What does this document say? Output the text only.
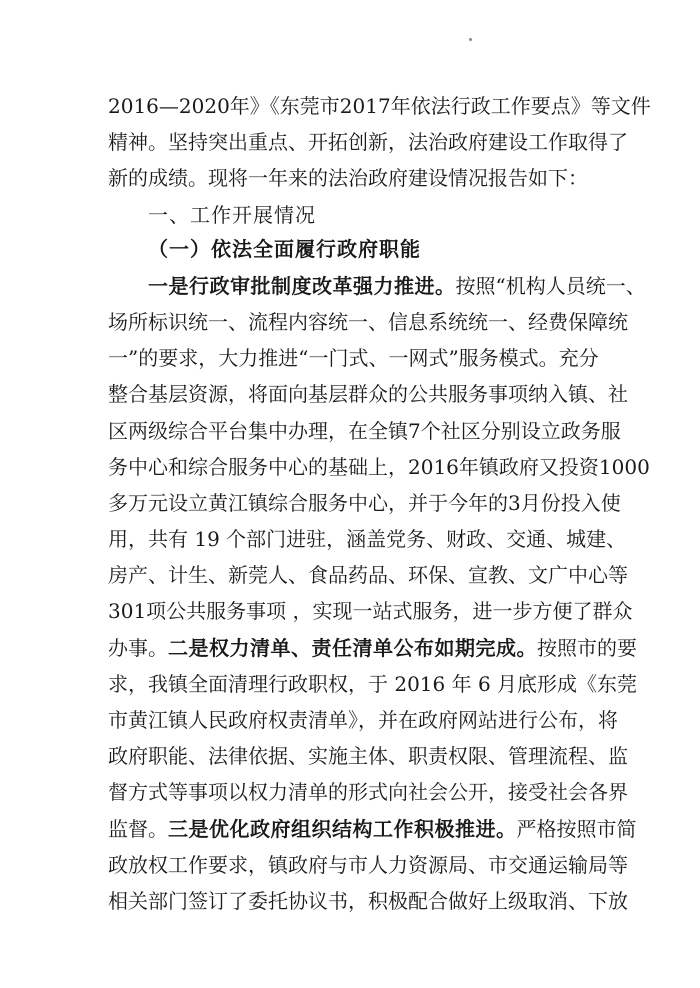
2016—2020年》《东莞市2017年依法行政工作要点》等文件
精神。坚持突出重点、开拓创新，法治政府建设工作取得了
新的成绩。现将一年来的法治政府建设情况报告如下：
一、工作开展情况
（一）依法全面履行政府职能
一是行政审批制度改革强力推进。按照“机构人员统一、
场所标识统一、流程内容统一、信息系统统一、经费保障统
一”的要求，大力推进“一门式、一网式”服务模式。充分
整合基层资源，将面向基层群众的公共服务事项纳入镇、社
区两级综合平台集中办理，在全镇7个社区分别设立政务服
务中心和综合服务中心的基础上，2016年镇政府又投资1000
多万元设立黄江镇综合服务中心，并于今年的3月份投入使
用，共有 19 个部门进驻，涵盖党务、财政、交通、城建、
房产、计生、新莞人、食品药品、环保、宣教、文广中心等
301项公共服务事项 ，实现一站式服务，进一步方便了群众
办事。二是权力清单、责任清单公布如期完成。按照市的要
求，我镇全面清理行政职权，于 2016 年 6 月底形成《东莞
市黄江镇人民政府权责清单》，并在政府网站进行公布，将
政府职能、法律依据、实施主体、职责权限、管理流程、监
督方式等事项以权力清单的形式向社会公开，接受社会各界
监督。三是优化政府组织结构工作积极推进。严格按照市简
政放权工作要求，镇政府与市人力资源局、市交通运输局等
相关部门签订了委托协议书，积极配合做好上级取消、下放
